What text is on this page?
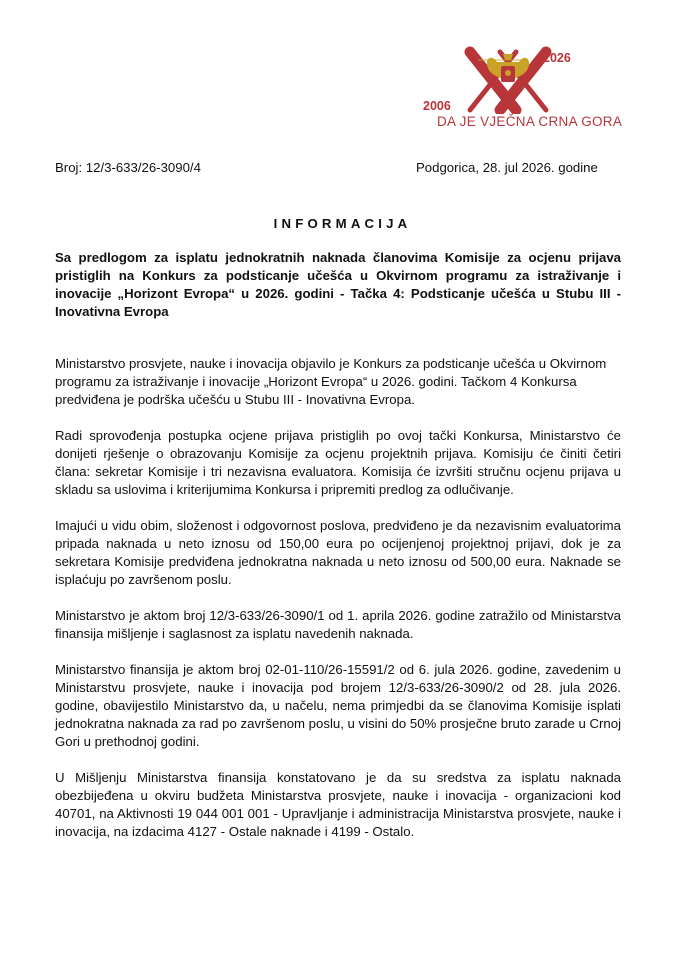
2006
2026
DA JE VJEČNA CRNA GORA
Broj: 12/3-633/26-3090/4	Podgorica, 28. jul 2026. godine
INFORMACIJA
Sa predlogom za isplatu jednokratnih naknada članovima Komisije za ocjenu prijava pristiglih na Konkurs za podsticanje učešća u Okvirnom programu za istraživanje i inovacije „Horizont Evropa“ u 2026. godini - Tačka 4: Podsticanje učešća u Stubu III - Inovativna Evropa

Ministarstvo prosvjete, nauke i inovacija objavilo je Konkurs za podsticanje učešća u Okvirnom programu za istraživanje i inovacije „Horizont Evropa“ u 2026. godini. Tačkom 4 Konkursa predviđena je podrška učešću u Stubu III - Inovativna Evropa.

Radi sprovođenja postupka ocjene prijava pristiglih po ovoj tački Konkursa, Ministarstvo će donijeti rješenje o obrazovanju Komisije za ocjenu projektnih prijava. Komisiju će činiti četiri člana: sekretar Komisije i tri nezavisna evaluatora. Komisija će izvršiti stručnu ocjenu prijava u skladu sa uslovima i kriterijumima Konkursa i pripremiti predlog za odlučivanje.

Imajući u vidu obim, složenost i odgovornost poslova, predviđeno je da nezavisnim evaluatorima pripada naknada u neto iznosu od 150,00 eura po ocijenjenoj projektnoj prijavi, dok je za sekretara Komisije predviđena jednokratna naknada u neto iznosu od 500,00 eura. Naknade se isplaćuju po završenom poslu.

Ministarstvo je aktom broj 12/3-633/26-3090/1 od 1. aprila 2026. godine zatražilo od Ministarstva finansija mišljenje i saglasnost za isplatu navedenih naknada.

Ministarstvo finansija je aktom broj 02-01-110/26-15591/2 od 6. jula 2026. godine, zavedenim u Ministarstvu prosvjete, nauke i inovacija pod brojem 12/3-633/26-3090/2 od 28. jula 2026. godine, obavijestilo Ministarstvo da, u načelu, nema primjedbi da se članovima Komisije isplati jednokratna naknada za rad po završenom poslu, u visini do 50% prosječne bruto zarade u Crnoj Gori u prethodnoj godini.

U Mišljenju Ministarstva finansija konstatovano je da su sredstva za isplatu naknada obezbijeđena u okviru budžeta Ministarstva prosvjete, nauke i inovacija - organizacioni kod 40701, na Aktivnosti 19 044 001 001 - Upravljanje i administracija Ministarstva prosvjete, nauke i inovacija, na izdacima 4127 - Ostale naknade i 4199 - Ostalo.
